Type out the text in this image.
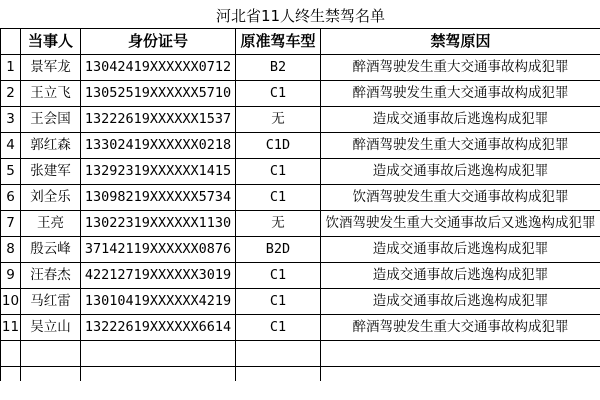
河北省11人终生禁驾名单				
	当事人	身份证号	原准驾车型	禁驾原因
1	景军龙	13042419XXXXXX0712	B2	醉酒驾驶发生重大交通事故构成犯罪
2	王立飞	13052519XXXXXX5710	C1	醉酒驾驶发生重大交通事故构成犯罪
3	王会国	13222619XXXXXX1537	无	造成交通事故后逃逸构成犯罪
4	郭红森	13302419XXXXXX0218	C1D	醉酒驾驶发生重大交通事故构成犯罪
5	张建军	13292319XXXXXX1415	C1	造成交通事故后逃逸构成犯罪
6	刘全乐	13098219XXXXXX5734	C1	饮酒驾驶发生重大交通事故构成犯罪
7	王亮	13022319XXXXXX1130	无	饮酒驾驶发生重大交通事故后又逃逸构成犯罪
8	殷云峰	37142119XXXXXX0876	B2D	造成交通事故后逃逸构成犯罪
9	汪春杰	42212719XXXXXX3019	C1	造成交通事故后逃逸构成犯罪
10	马红雷	13010419XXXXXX4219	C1	造成交通事故后逃逸构成犯罪
11	吴立山	13222619XXXXXX6614	C1	醉酒驾驶发生重大交通事故构成犯罪
